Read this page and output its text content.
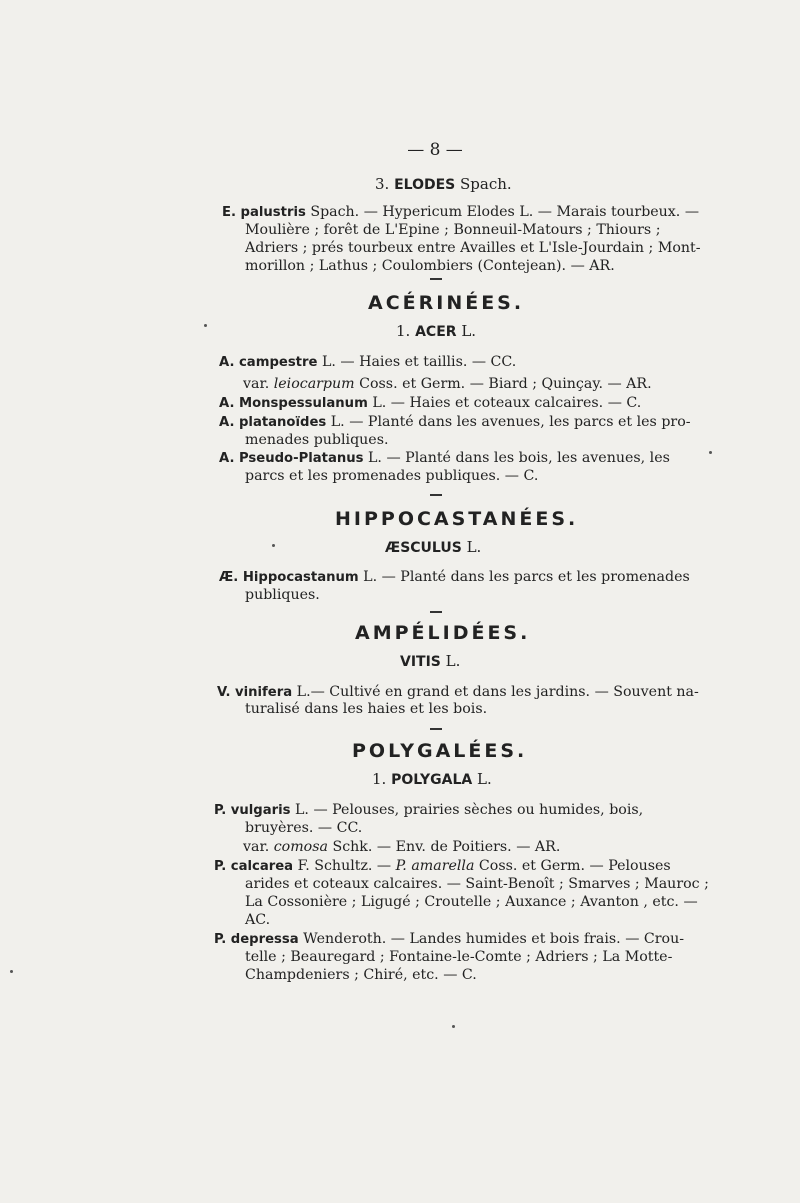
— 8 —
3. ELODES Spach.
E. palustris Spach. — Hypericum Elodes L. — Marais tourbeux. —
Moulière ; forêt de L'Epine ; Bonneuil-Matours ; Thiours ;
Adriers ; prés tourbeux entre Availles et L'Isle-Jourdain ; Mont-
morillon ; Lathus ; Coulombiers (Contejean). — AR.
ACÉRINÉES.
1. ACER L.
A. campestre L. — Haies et taillis. — CC.
var. leiocarpum Coss. et Germ. — Biard ; Quinçay. — AR.
A. Monspessulanum L. — Haies et coteaux calcaires. — C.
A. platanoïdes L. — Planté dans les avenues, les parcs et les pro-
menades publiques.
A. Pseudo-Platanus L. — Planté dans les bois, les avenues, les
parcs et les promenades publiques. — C.
HIPPOCASTANÉES.
ÆSCULUS L.
Æ. Hippocastanum L. — Planté dans les parcs et les promenades
publiques.
AMPÉLIDÉES.
VITIS L.
V. vinifera L.— Cultivé en grand et dans les jardins. — Souvent na-
turalisé dans les haies et les bois.
POLYGALÉES.
1. POLYGALA L.
P. vulgaris L. — Pelouses, prairies sèches ou humides, bois,
bruyères. — CC.
var. comosa Schk. — Env. de Poitiers. — AR.
P. calcarea F. Schultz. — P. amarella Coss. et Germ. — Pelouses
arides et coteaux calcaires. — Saint-Benoît ; Smarves ; Mauroc ;
La Cossonière ; Ligugé ; Croutelle ; Auxance ; Avanton , etc. —
AC.
P. depressa Wenderoth. — Landes humides et bois frais. — Crou-
telle ; Beauregard ; Fontaine-le-Comte ; Adriers ; La Motte-
Champdeniers ; Chiré, etc. — C.
